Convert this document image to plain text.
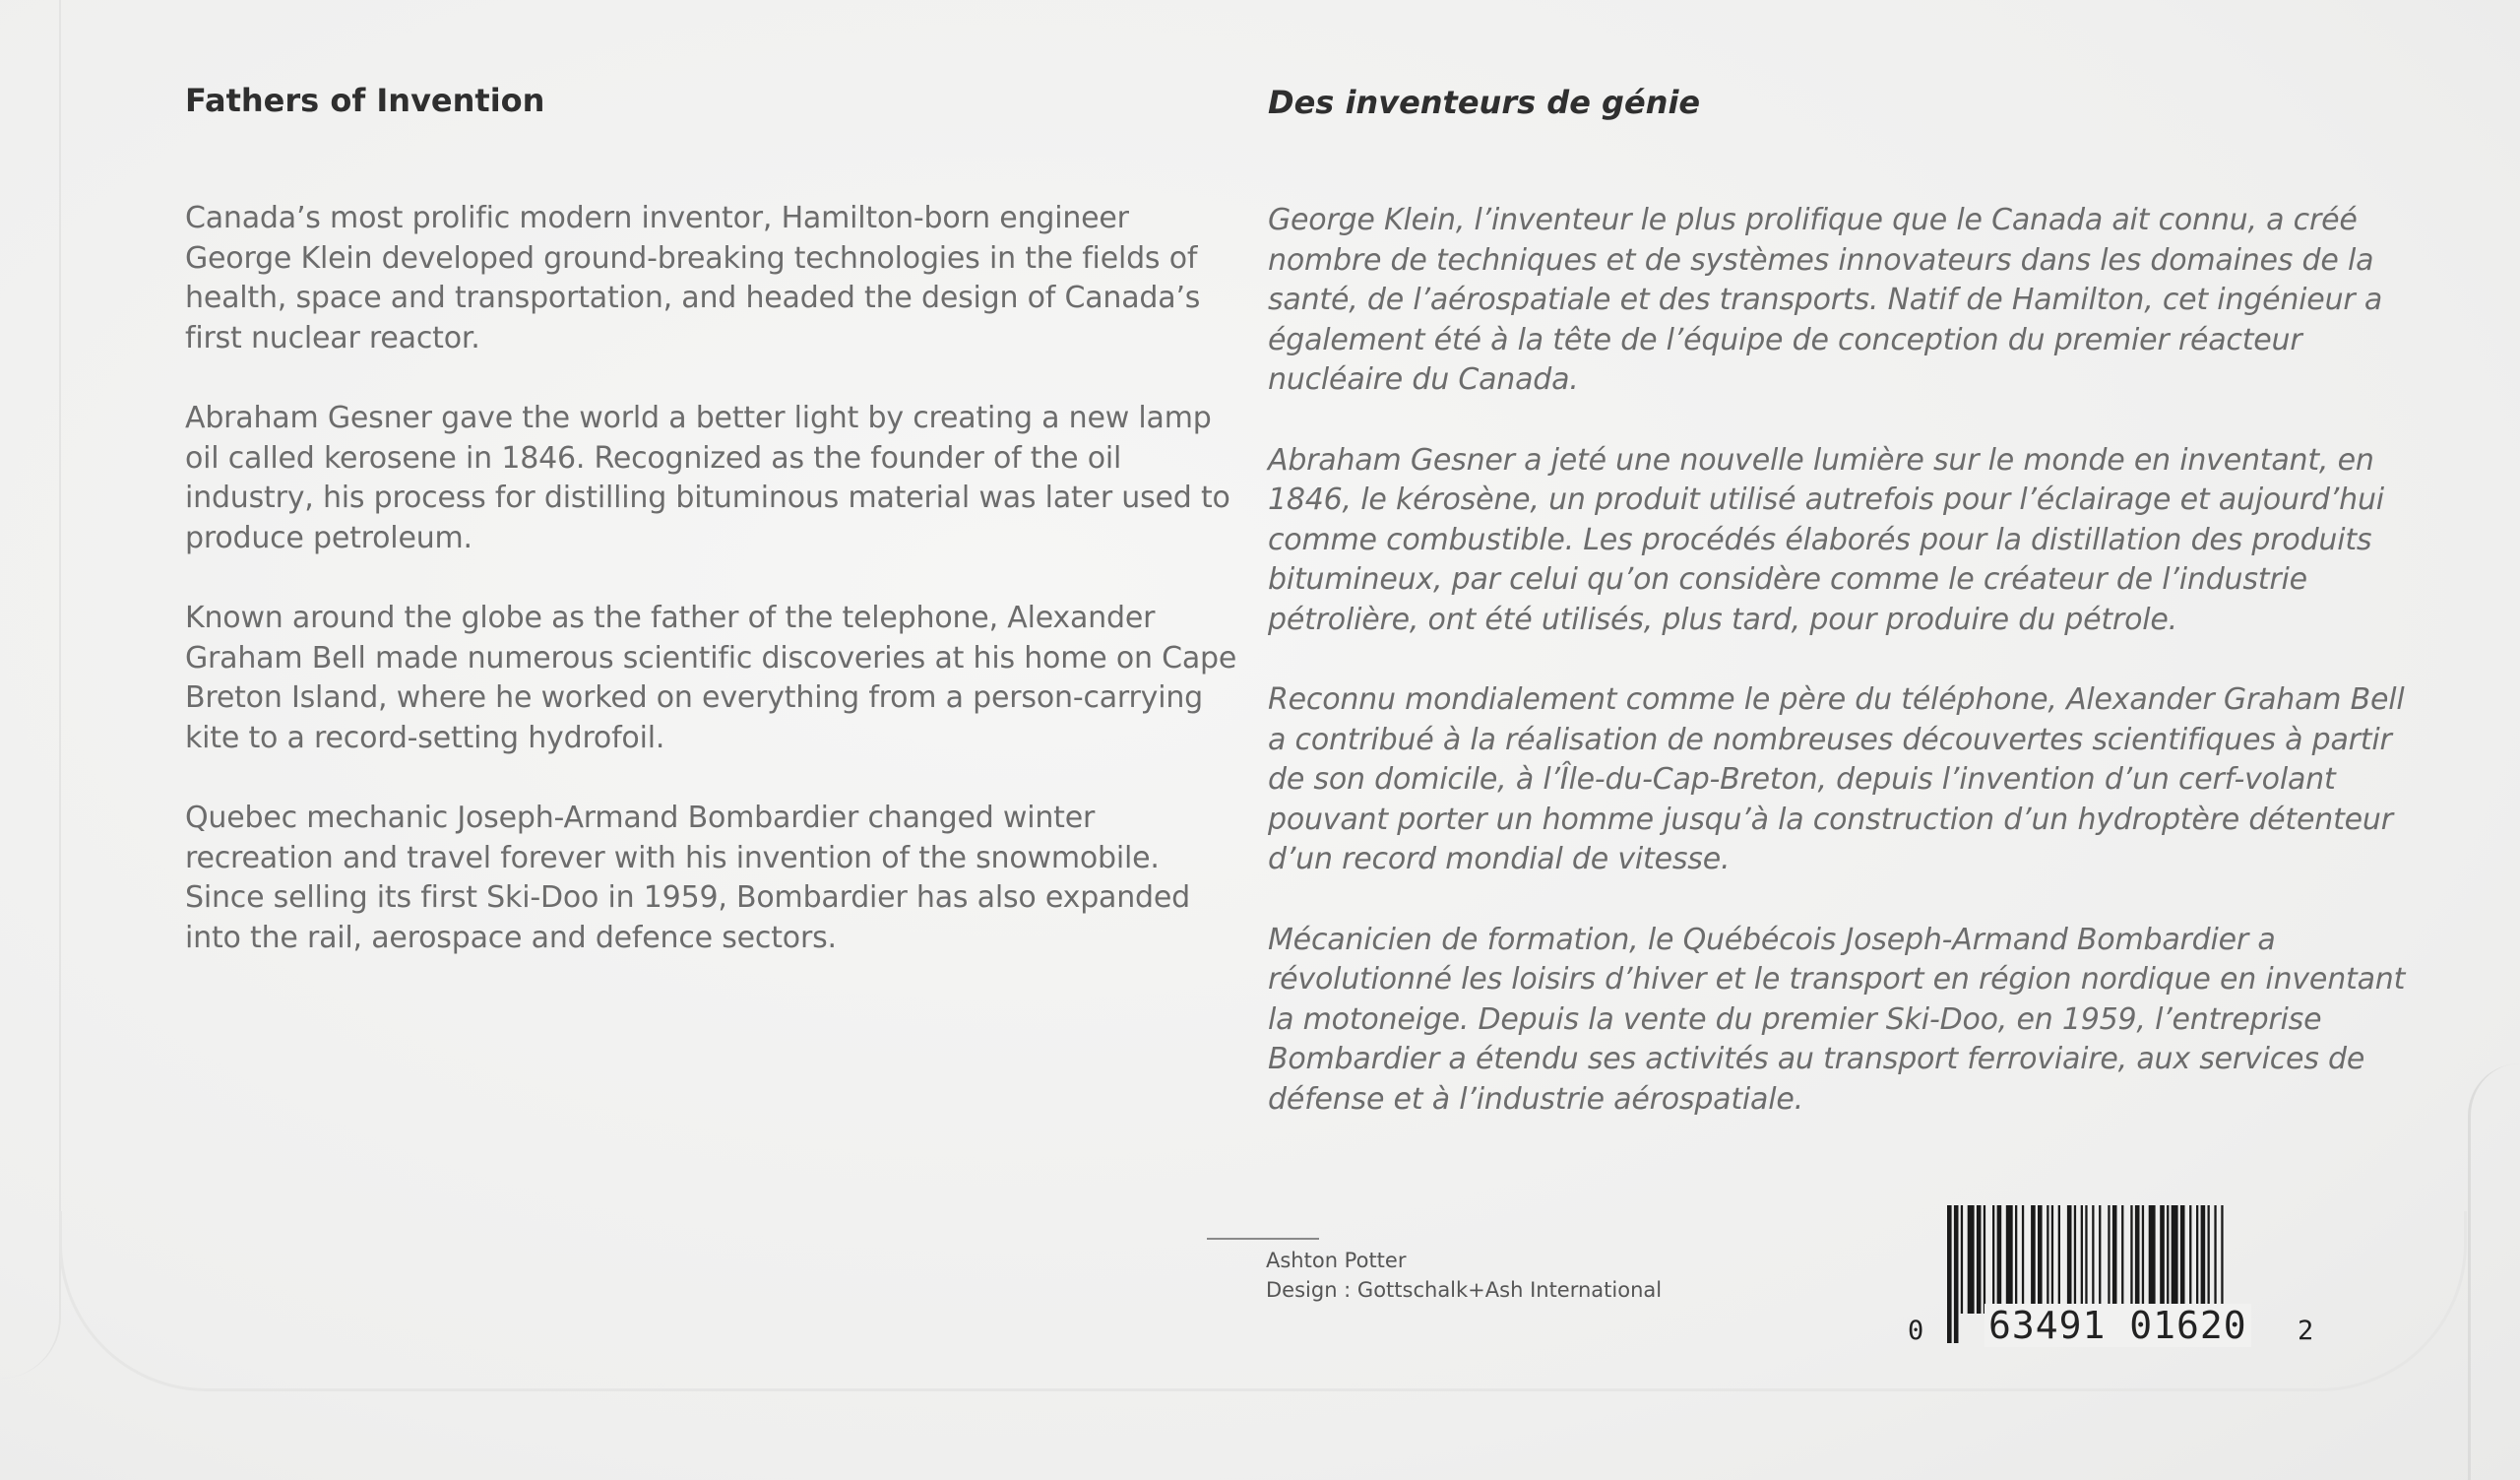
Fathers of Invention

Canada’s most prolific modern inventor, Hamilton-born engineer George Klein developed ground-breaking technologies in the fields of health, space and transportation, and headed the design of Canada’s first nuclear reactor.

Abraham Gesner gave the world a better light by creating a new lamp oil called kerosene in 1846. Recognized as the founder of the oil industry, his process for distilling bituminous material was later used to produce petroleum.

Known around the globe as the father of the telephone, Alexander Graham Bell made numerous scientific discoveries at his home on Cape Breton Island, where he worked on everything from a person-carrying kite to a record-setting hydrofoil.

Quebec mechanic Joseph-Armand Bombardier changed winter recreation and travel forever with his invention of the snowmobile. Since selling its first Ski-Doo in 1959, Bombardier has also expanded into the rail, aerospace and defence sectors.

Des inventeurs de génie

George Klein, l’inventeur le plus prolifique que le Canada ait connu, a créé nombre de techniques et de systèmes innovateurs dans les domaines de la santé, de l’aérospatiale et des transports. Natif de Hamilton, cet ingénieur a également été à la tête de l’équipe de conception du premier réacteur nucléaire du Canada.

Abraham Gesner a jeté une nouvelle lumière sur le monde en inventant, en 1846, le kérosène, un produit utilisé autrefois pour l’éclairage et aujourd’hui comme combustible. Les procédés élaborés pour la distillation des produits bitumineux, par celui qu’on considère comme le créateur de l’industrie pétrolière, ont été utilisés, plus tard, pour produire du pétrole.

Reconnu mondialement comme le père du téléphone, Alexander Graham Bell a contribué à la réalisation de nombreuses découvertes scientifiques à partir de son domicile, à l’Île-du-Cap-Breton, depuis l’invention d’un cerf-volant pouvant porter un homme jusqu’à la construction d’un hydroptère détenteur d’un record mondial de vitesse.

Mécanicien de formation, le Québécois Joseph-Armand Bombardier a révolutionné les loisirs d’hiver et le transport en région nordique en inventant la motoneige. Depuis la vente du premier Ski-Doo, en 1959, l’entreprise Bombardier a étendu ses activités au transport ferroviaire, aux services de défense et à l’industrie aérospatiale.

Ashton Potter
Design : Gottschalk+Ash International
0 63491 01620 2
